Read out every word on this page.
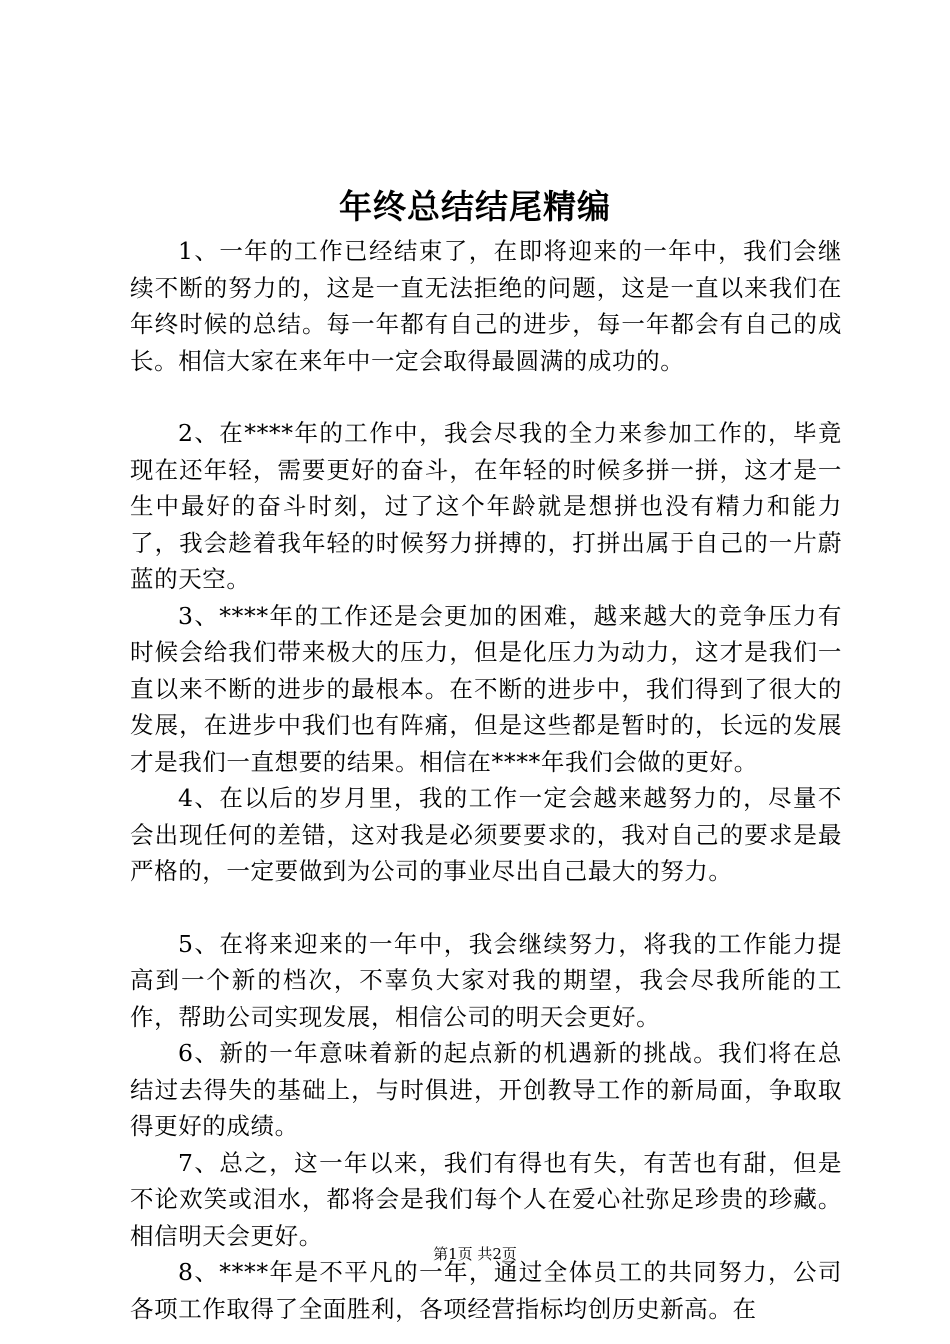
年终总结结尾精编

1、一年的工作已经结束了，在即将迎来的一年中，我们会继续不断的努力的，这是一直无法拒绝的问题，这是一直以来我们在年终时候的总结。每一年都有自己的进步，每一年都会有自己的成长。相信大家在来年中一定会取得最圆满的成功的。

2、在****年的工作中，我会尽我的全力来参加工作的，毕竟现在还年轻，需要更好的奋斗，在年轻的时候多拼一拼，这才是一生中最好的奋斗时刻，过了这个年龄就是想拼也没有精力和能力了，我会趁着我年轻的时候努力拼搏的，打拼出属于自己的一片蔚蓝的天空。

3、****年的工作还是会更加的困难，越来越大的竞争压力有时候会给我们带来极大的压力，但是化压力为动力，这才是我们一直以来不断的进步的最根本。在不断的进步中，我们得到了很大的发展，在进步中我们也有阵痛，但是这些都是暂时的，长远的发展才是我们一直想要的结果。相信在****年我们会做的更好。

4、在以后的岁月里，我的工作一定会越来越努力的，尽量不会出现任何的差错，这对我是必须要要求的，我对自己的要求是最严格的，一定要做到为公司的事业尽出自己最大的努力。

5、在将来迎来的一年中，我会继续努力，将我的工作能力提高到一个新的档次，不辜负大家对我的期望，我会尽我所能的工作，帮助公司实现发展，相信公司的明天会更好。

6、新的一年意味着新的起点新的机遇新的挑战。我们将在总结过去得失的基础上，与时俱进，开创教导工作的新局面，争取取得更好的成绩。

7、总之，这一年以来，我们有得也有失，有苦也有甜，但是不论欢笑或泪水，都将会是我们每个人在爱心社弥足珍贵的珍藏。相信明天会更好。

8、****年是不平凡的一年，通过全体员工的共同努力，公司各项工作取得了全面胜利，各项经营指标均创历史新高。在

第1页 共2页
